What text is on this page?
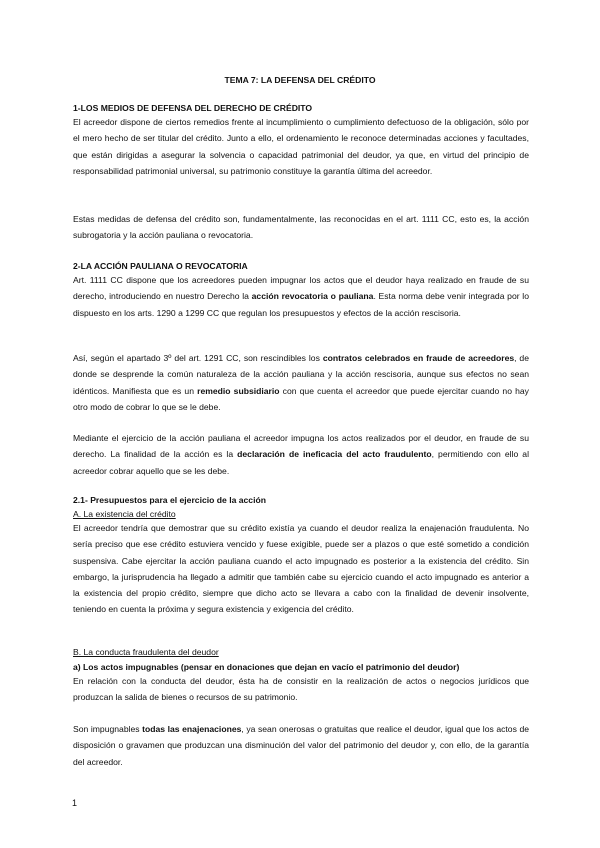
TEMA 7: LA DEFENSA DEL CRÉDITO
1-LOS MEDIOS DE DEFENSA DEL DERECHO DE CRÉDITO
El acreedor dispone de ciertos remedios frente al incumplimiento o cumplimiento defectuoso de la obligación, sólo por el mero hecho de ser titular del crédito. Junto a ello, el ordenamiento le reconoce determinadas acciones y facultades, que están dirigidas a asegurar la solvencia o capacidad patrimonial del deudor, ya que, en virtud del principio de responsabilidad patrimonial universal, su patrimonio constituye la garantía última del acreedor.
Estas medidas de defensa del crédito son, fundamentalmente, las reconocidas en el art. 1111 CC, esto es, la acción subrogatoria y la acción pauliana o revocatoria.
2-LA ACCIÓN PAULIANA O REVOCATORIA
Art. 1111 CC dispone que los acreedores pueden impugnar los actos que el deudor haya realizado en fraude de su derecho, introduciendo en nuestro Derecho la acción revocatoria o pauliana. Esta norma debe venir integrada por lo dispuesto en los arts. 1290 a 1299 CC que regulan los presupuestos y efectos de la acción rescisoria.
Así, según el apartado 3º del art. 1291 CC, son rescindibles los contratos celebrados en fraude de acreedores, de donde se desprende la común naturaleza de la acción pauliana y la acción rescisoria, aunque sus efectos no sean idénticos. Manifiesta que es un remedio subsidiario con que cuenta el acreedor que puede ejercitar cuando no hay otro modo de cobrar lo que se le debe.
Mediante el ejercicio de la acción pauliana el acreedor impugna los actos realizados por el deudor, en fraude de su derecho. La finalidad de la acción es la declaración de ineficacia del acto fraudulento, permitiendo con ello al acreedor cobrar aquello que se les debe.
2.1- Presupuestos para el ejercicio de la acción
A. La existencia del crédito
El acreedor tendría que demostrar que su crédito existía ya cuando el deudor realiza la enajenación fraudulenta. No sería preciso que ese crédito estuviera vencido y fuese exigible, puede ser a plazos o que esté sometido a condición suspensiva. Cabe ejercitar la acción pauliana cuando el acto impugnado es posterior a la existencia del crédito. Sin embargo, la jurisprudencia ha llegado a admitir que también cabe su ejercicio cuando el acto impugnado es anterior a la existencia del propio crédito, siempre que dicho acto se llevara a cabo con la finalidad de devenir insolvente, teniendo en cuenta la próxima y segura existencia y exigencia del crédito.
B. La conducta fraudulenta del deudor
a) Los actos impugnables (pensar en donaciones que dejan en vacío el patrimonio del deudor)
En relación con la conducta del deudor, ésta ha de consistir en la realización de actos o negocios jurídicos que produzcan la salida de bienes o recursos de su patrimonio.
Son impugnables todas las enajenaciones, ya sean onerosas o gratuitas que realice el deudor, igual que los actos de disposición o gravamen que produzcan una disminución del valor del patrimonio del deudor y, con ello, de la garantía del acreedor.
1
